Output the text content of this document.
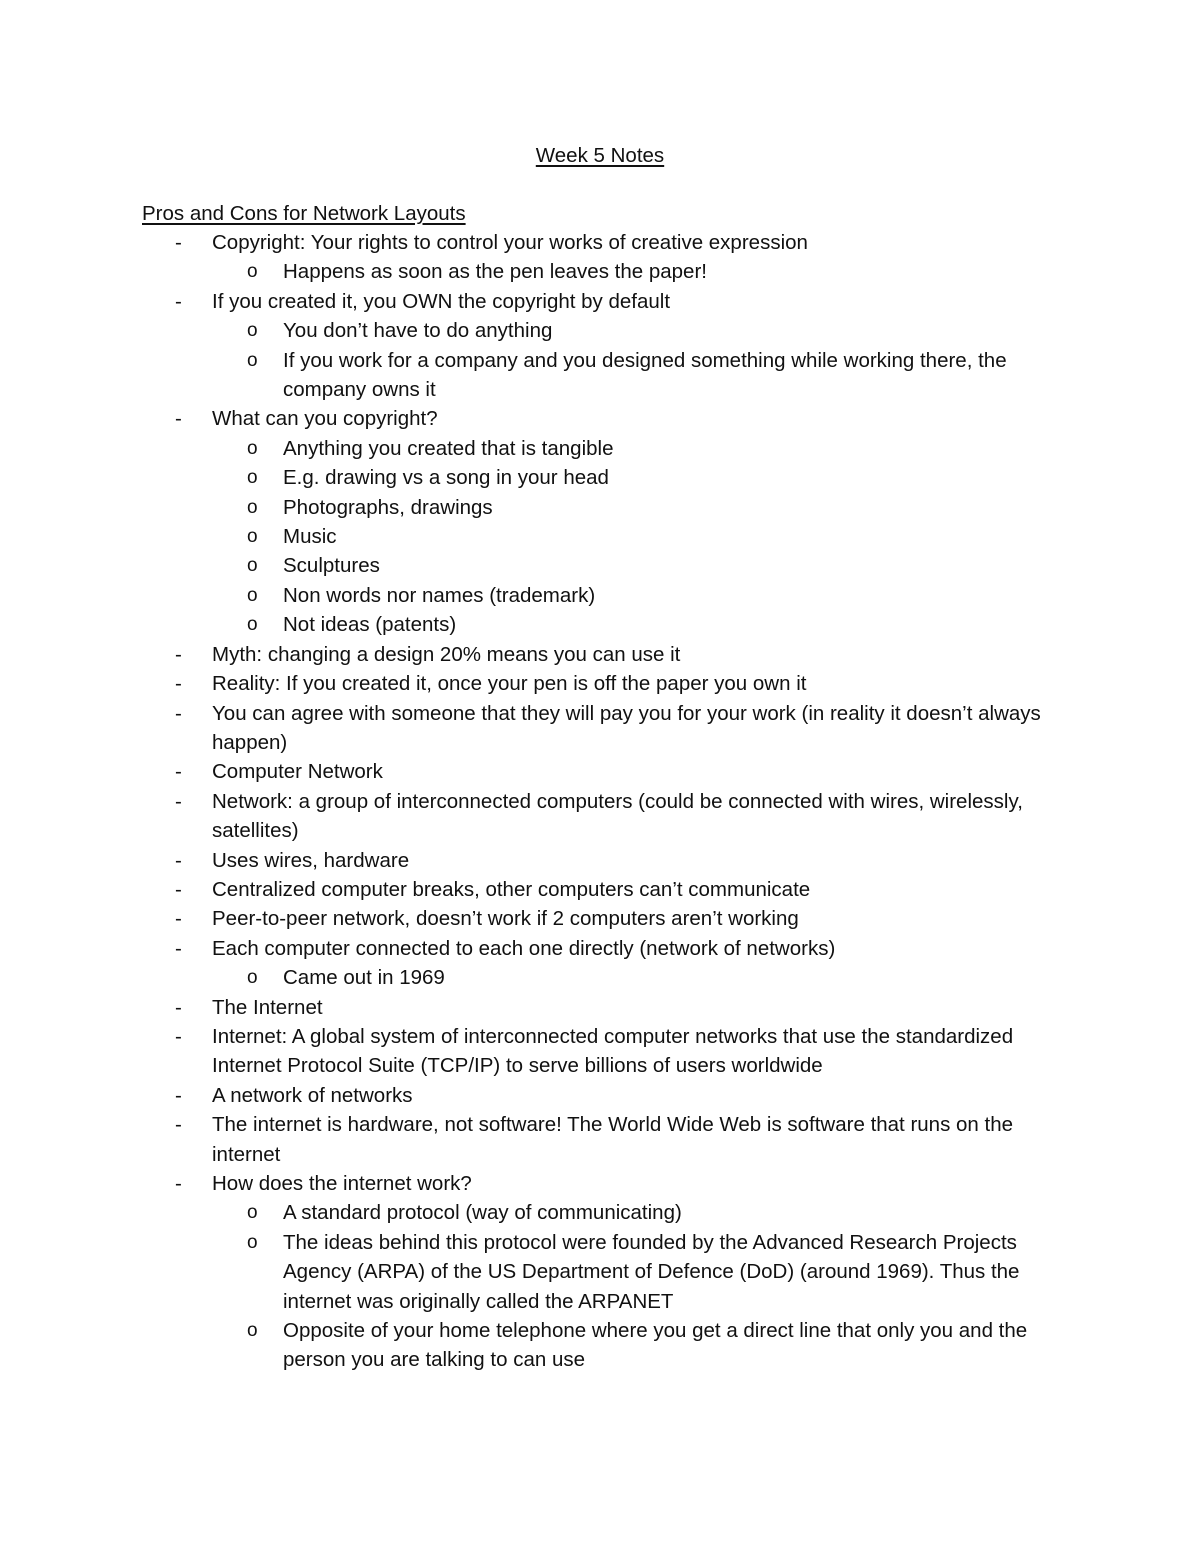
Week 5 Notes
Pros and Cons for Network Layouts
-	Copyright: Your rights to control your works of creative expression
o	Happens as soon as the pen leaves the paper!
-	If you created it, you OWN the copyright by default
o	You don’t have to do anything
o	If you work for a company and you designed something while working there, the company owns it
-	What can you copyright?
o	Anything you created that is tangible
o	E.g. drawing vs a song in your head
o	Photographs, drawings
o	Music
o	Sculptures
o	Non words nor names (trademark)
o	Not ideas (patents)
-	Myth: changing a design 20% means you can use it
-	Reality: If you created it, once your pen is off the paper you own it
-	You can agree with someone that they will pay you for your work (in reality it doesn’t always happen)
-	Computer Network
-	Network: a group of interconnected computers (could be connected with wires, wirelessly, satellites)
-	Uses wires, hardware
-	Centralized computer breaks, other computers can’t communicate
-	Peer-to-peer network, doesn’t work if 2 computers aren’t working
-	Each computer connected to each one directly (network of networks)
o	Came out in 1969
-	The Internet
-	Internet: A global system of interconnected computer networks that use the standardized Internet Protocol Suite (TCP/IP) to serve billions of users worldwide
-	A network of networks
-	The internet is hardware, not software! The World Wide Web is software that runs on the internet
-	How does the internet work?
o	A standard protocol (way of communicating)
o	The ideas behind this protocol were founded by the Advanced Research Projects Agency (ARPA) of the US Department of Defence (DoD) (around 1969). Thus the internet was originally called the ARPANET
o	Opposite of your home telephone where you get a direct line that only you and the person you are talking to can use
